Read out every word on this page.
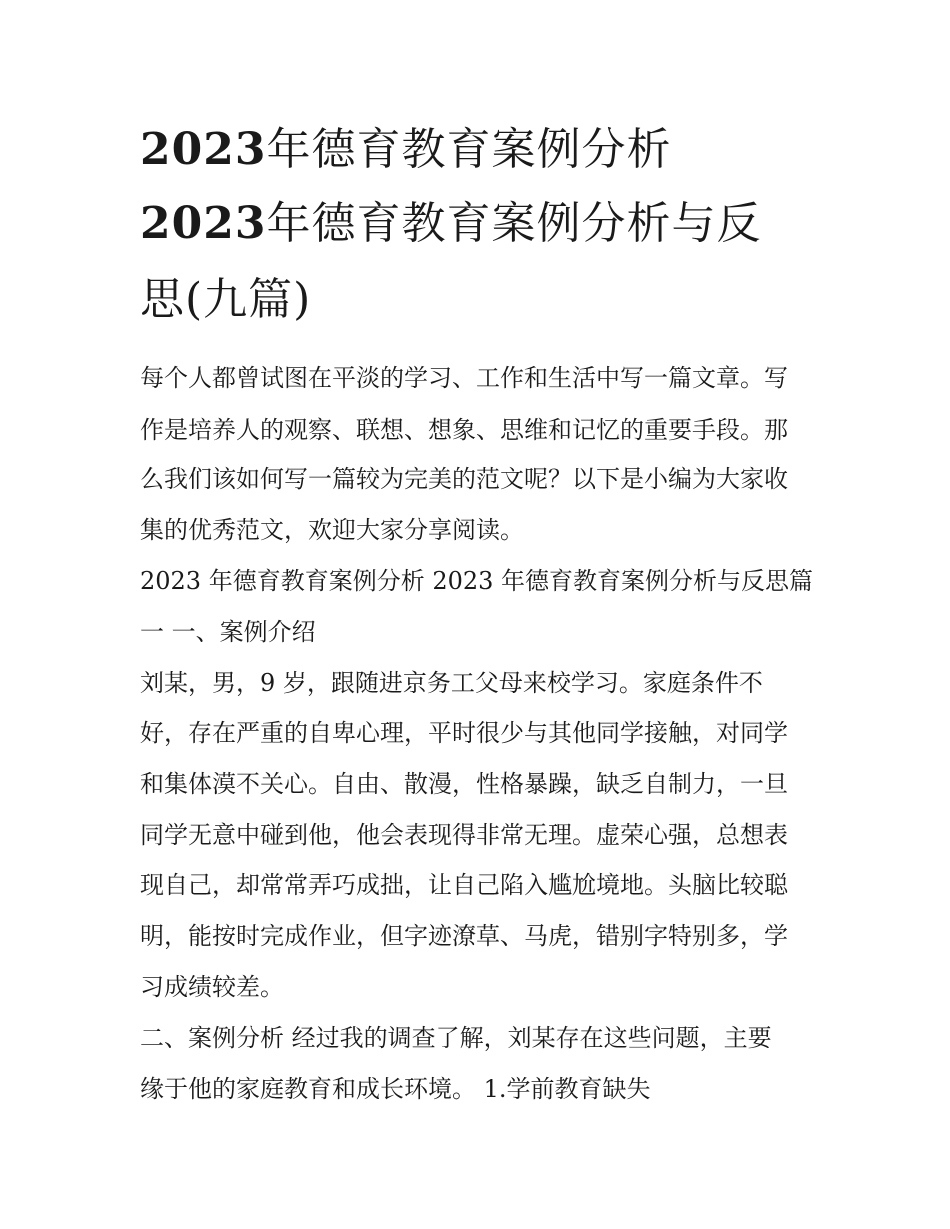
2023年德育教育案例分析
2023年德育教育案例分析与反
思(九篇)
每个人都曾试图在平淡的学习、工作和生活中写一篇文章。写
作是培养人的观察、联想、想象、思维和记忆的重要手段。那
么我们该如何写一篇较为完美的范文呢？以下是小编为大家收
集的优秀范文，欢迎大家分享阅读。
2023 年德育教育案例分析 2023 年德育教育案例分析与反思篇
一 一、案例介绍
刘某，男，9 岁，跟随进京务工父母来校学习。家庭条件不
好，存在严重的自卑心理，平时很少与其他同学接触，对同学
和集体漠不关心。自由、散漫，性格暴躁，缺乏自制力，一旦
同学无意中碰到他，他会表现得非常无理。虚荣心强，总想表
现自己，却常常弄巧成拙，让自己陷入尴尬境地。头脑比较聪
明，能按时完成作业，但字迹潦草、马虎，错别字特别多，学
习成绩较差。
二、案例分析 经过我的调查了解，刘某存在这些问题，主要
缘于他的家庭教育和成长环境。 1.学前教育缺失
